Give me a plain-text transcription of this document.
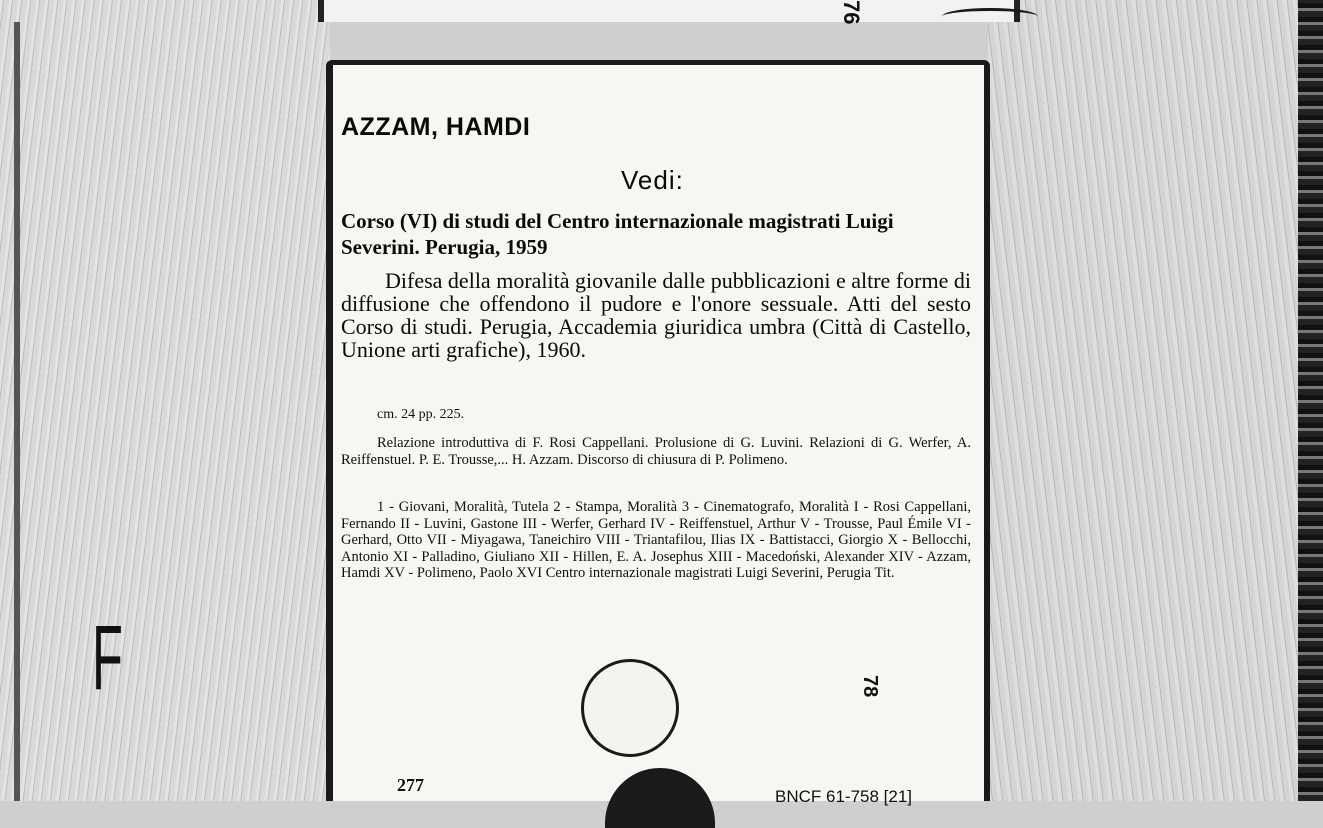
76
F
AZZAM, HAMDI
Vedi:
Corso (VI) di studi del Centro internazionale magistrati Luigi Severini. Perugia, 1959
Difesa della moralità giovanile dalle pubblicazioni e altre forme di diffusione che offendono il pudore e l'onore sessuale. Atti del sesto Corso di studi. Perugia, Accademia giuridica umbra (Città di Castello, Unione arti grafiche), 1960.
cm. 24 pp. 225.
Relazione introduttiva di F. Rosi Cappellani. Prolusione di G. Luvini. Relazioni di G. Werfer, A. Reiffenstuel. P. E. Trousse,... H. Azzam. Discorso di chiusura di P. Polimeno.
1 - Giovani, Moralità, Tutela 2 - Stampa, Moralità 3 - Cinematografo, Moralità I - Rosi Cappellani, Fernando II - Luvini, Gastone III - Werfer, Gerhard IV - Reiffenstuel, Arthur V - Trousse, Paul Émile VI - Gerhard, Otto VII - Miyagawa, Taneichiro VIII - Triantafilou, Ilias IX - Battistacci, Giorgio X - Bellocchi, Antonio XI - Palladino, Giuliano XII - Hillen, E. A. Josephus XIII - Macedoński, Alexander XIV - Azzam, Hamdi XV - Polimeno, Paolo XVI Centro internazionale magistrati Luigi Severini, Perugia Tit.
78
277
BNCF 61-758 [21]
